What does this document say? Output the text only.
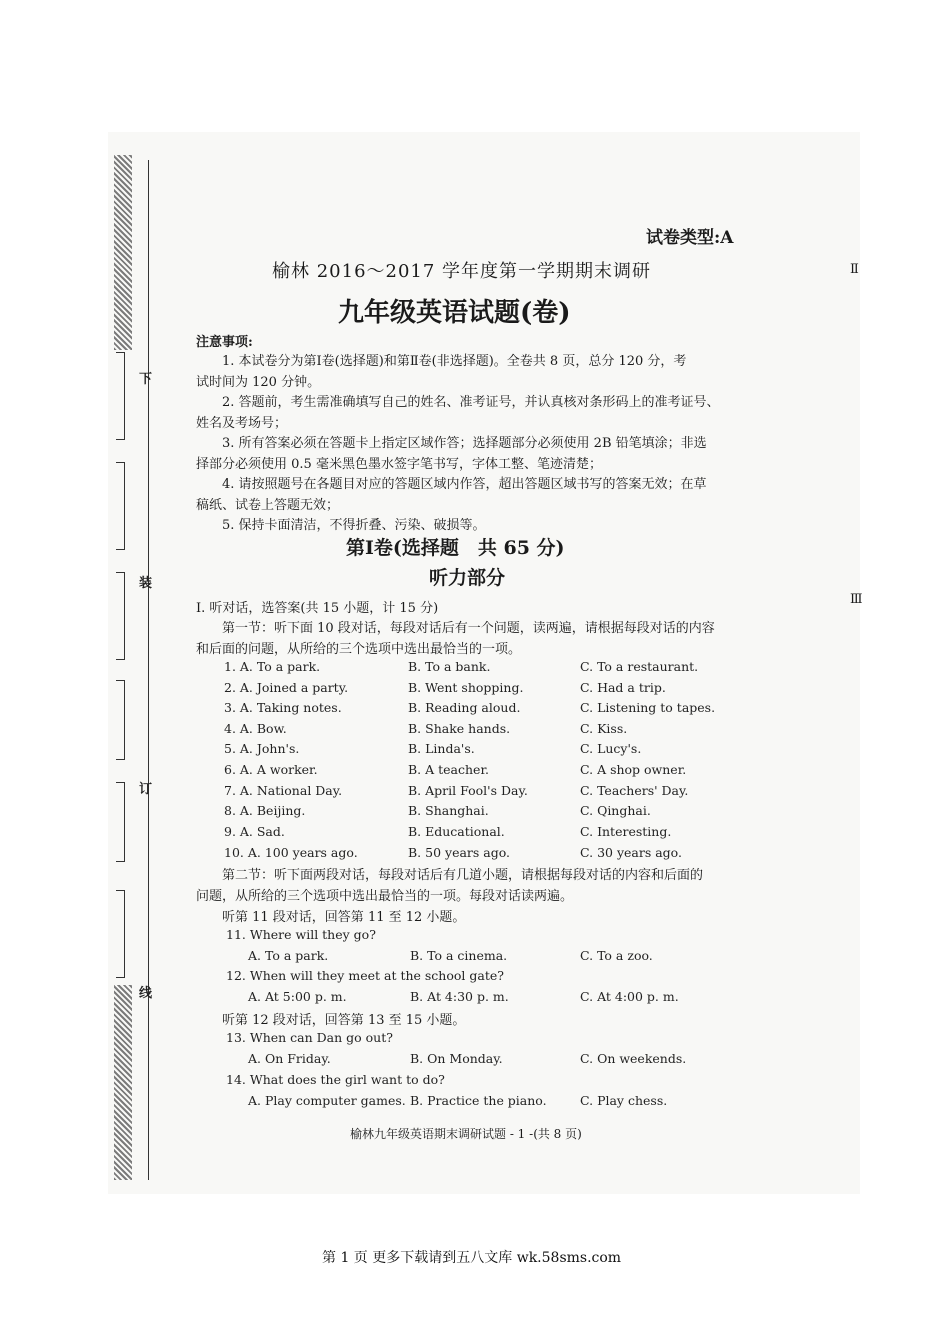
下
装
订
线
Ⅱ
Ⅲ
试卷类型:A
榆林 2016～2017 学年度第一学期期末调研
九年级英语试题(卷)
注意事项:
1. 本试卷分为第Ⅰ卷(选择题)和第Ⅱ卷(非选择题)。全卷共 8 页，总分 120 分，考
试时间为 120 分钟。
2. 答题前，考生需准确填写自己的姓名、准考证号，并认真核对条形码上的准考证号、
姓名及考场号；
3. 所有答案必须在答题卡上指定区域作答；选择题部分必须使用 2B 铅笔填涂；非选
择部分必须使用 0.5 毫米黑色墨水签字笔书写，字体工整、笔迹清楚；
4. 请按照题号在各题目对应的答题区域内作答，超出答题区域书写的答案无效；在草
稿纸、试卷上答题无效；
5. 保持卡面清洁，不得折叠、污染、破损等。
第Ⅰ卷(选择题　共 65 分)
听力部分
Ⅰ. 听对话，选答案(共 15 小题，计 15 分)
第一节：听下面 10 段对话，每段对话后有一个问题，读两遍，请根据每段对话的内容
和后面的问题，从所给的三个选项中选出最恰当的一项。
1. A. To a park.	B. To a bank.	C. To a restaurant.
2. A. Joined a party.	B. Went shopping.	C. Had a trip.
3. A. Taking notes.	B. Reading aloud.	C. Listening to tapes.
4. A. Bow.	B. Shake hands.	C. Kiss.
5. A. John's.	B. Linda's.	C. Lucy's.
6. A. A worker.	B. A teacher.	C. A shop owner.
7. A. National Day.	B. April Fool's Day.	C. Teachers' Day.
8. A. Beijing.	B. Shanghai.	C. Qinghai.
9. A. Sad.	B. Educational.	C. Interesting.
10. A. 100 years ago.	B. 50 years ago.	C. 30 years ago.
第二节：听下面两段对话，每段对话后有几道小题，请根据每段对话的内容和后面的
问题，从所给的三个选项中选出最恰当的一项。每段对话读两遍。
听第 11 段对话，回答第 11 至 12 小题。
11. Where will they go?
A. To a park.	B. To a cinema.	C. To a zoo.
12. When will they meet at the school gate?
A. At 5:00 p. m.	B. At 4:30 p. m.	C. At 4:00 p. m.
听第 12 段对话，回答第 13 至 15 小题。
13. When can Dan go out?
A. On Friday.	B. On Monday.	C. On weekends.
14. What does the girl want to do?
A. Play computer games. B. Practice the piano.	C. Play chess.
榆林九年级英语期末调研试题 - 1 -(共 8 页)
第 1 页 更多下载请到五八文库 wk.58sms.com
